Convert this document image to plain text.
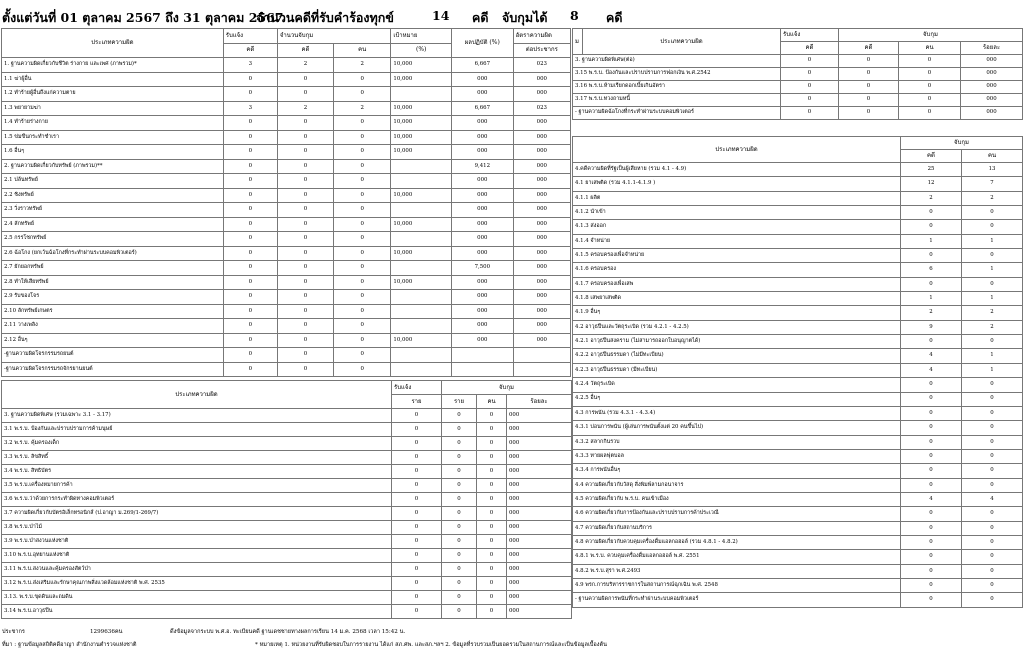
ตั้งแต่วันที่ 01 ตุลาคม 2567 ถึง 31 ตุลาคม 2567
จำนวนคดีที่รับคำร้องทุกข์	14 คดี จับกุมได้ 8 คดี
ประเภทความผิด	รับแจ้ง	จำนวนจับกุม		เป้าหมาย	ผลปฏิบัติ (%)	อัตราความผิด
	คดี	คดี	คน	(%)		ต่อประชากร
1. ฐานความผิดเกี่ยวกับชีวิต ร่างกาย และเพศ (ภาพรวม)*	3	2	2	10,000	6,667	023
1.1 ฆ่าผู้อื่น	0	0	0	10,000	000	000
1.2 ทำร้ายผู้อื่นถึงแก่ความตาย	0	0	0		000	000
1.3 พยายามฆ่า	3	2	2	10,000	6,667	023
1.4 ทำร้ายร่างกาย	0	0	0	10,000	000	000
1.5 ข่มขืนกระทำชำเรา	0	0	0	10,000	000	000
1.6 อื่นๆ	0	0	0	10,000	000	000
2. ฐานความผิดเกี่ยวกับทรัพย์ (ภาพรวม)**	0	0	0		9,412	000
2.1 ปล้นทรัพย์	0	0	0		000	000
2.2 ชิงทรัพย์	0	0	0	10,000	000	000
2.3 วิ่งราวทรัพย์	0	0	0		000	000
2.4 ลักทรัพย์	0	0	0	10,000	000	000
2.5 กรรโชกทรัพย์	0	0	0		000	000
2.6 ฉ้อโกง (ยกเว้นฉ้อโกงที่กระทำผ่านระบบคอมพิวเตอร์)	0	0	0	10,000	000	000
2.7 ยักยอกทรัพย์	0	0	0		7,500	000
2.8 ทำให้เสียทรัพย์	0	0	0	10,000	000	000
2.9 รับของโจร	0	0	0		000	000
2.10 ลักทรัพย์เกษตร	0	0	0		000	000
2.11 วางเพลิง	0	0	0		000	000
2.12 อื่นๆ	0	0	0	10,000	000	000
-ฐานความผิดโจรกรรมรถยนต์	0	0	0			
-ฐานความผิดโจรกรรมรถจักรยานยนต์	0	0	0			
ประเภทความผิด	รับแจ้ง	จับกุม		
	ราย	ราย	คน	ร้อยละ
3. ฐานความผิดพิเศษ (รวมเฉพาะ 3.1 - 3.17)	0	0	0	000
3.1 พ.ร.บ. ป้องกันและปราบปรามการค้ามนุษย์	0	0	0	000
3.2 พ.ร.บ. คุ้มครองเด็ก	0	0	0	000
3.3 พ.ร.บ. ลิขสิทธิ์	0	0	0	000
3.4 พ.ร.บ. สิทธิบัตร	0	0	0	000
3.5 พ.ร.บ.เครื่องหมายการค้า	0	0	0	000
3.6 พ.ร.บ.ว่าด้วยการกระทำผิดทางคอมพิวเตอร์	0	0	0	000
3.7 ความผิดเกี่ยวกับบัตรอิเล็กทรอนิกส์ (ป.อาญา ม.269/1-269/7)	0	0	0	000
3.8 พ.ร.บ.ป่าไม้	0	0	0	000
3.9 พ.ร.บ.ป่าสงวนแห่งชาติ	0	0	0	000
3.10 พ.ร.บ.อุทยานแห่งชาติ	0	0	0	000
3.11 พ.ร.บ.สงวนและคุ้มครองสัตว์ป่า	0	0	0	000
3.12 พ.ร.บ.ส่งเสริมและรักษาคุณภาพสิ่งแวดล้อมแห่งชาติ พ.ศ. 2535	0	0	0	000
3.13. พ.ร.บ.ขุดดินและถมดิน	0	0	0	000
3.14 พ.ร.บ.อาวุธปืน	0	0	0	000
ม	ประเภทความผิด	รับแจ้ง	จับกุม		
		คดี	คดี	คน	ร้อยละ
3. ฐานความผิดพิเศษ(ต่อ)		0	0	0	000
3.15 พ.ร.บ. ป้องกันและปราบปรามการฟอกเงิน พ.ศ.2542		0	0	0	000
3.16 พ.ร.บ.ห้ามเรียกดอกเบี้ยเกินอัตรา		0	0	0	000
3.17 พ.ร.บ.ทวงถามหนี้		0	0	0	000
- ฐานความผิดฉ้อโกงที่กระทำผ่านระบบคอมพิวเตอร์		0	0	0	000
ประเภทความผิด	จับกุม	
	คดี	คน
4.คดีความผิดที่รัฐเป็นผู้เสียหาย (รวม 4.1 - 4.9)	25	13
4.1 ยาเสพติด (รวม 4.1.1-4.1.9 )	12	7
4.1.1 ผลิต	2	2
4.1.2 นำเข้า	0	0
4.1.3 ส่งออก	0	0
4.1.4 จำหน่าย	1	1
4.1.5 ครอบครองเพื่อจำหน่าย	0	0
4.1.6 ครอบครอง	6	1
4.1.7 ครอบครองเพื่อเสพ	0	0
4.1.8 เสพยาเสพติด	1	1
4.1.9 อื่นๆ	2	2
4.2 อาวุธปืนและวัตถุระเบิด (รวม 4.2.1 - 4.2.5)	9	2
4.2.1 อาวุธปืนสงคราม (ไม่สามารถออกใบอนุญาตได้)	0	0
4.2.2 อาวุธปืนธรรมดา (ไม่มีทะเบียน)	4	1
4.2.3 อาวุธปืนธรรมดา (มีทะเบียน)	4	1
4.2.4 วัตถุระเบิด	0	0
4.2.5 อื่นๆ	0	0
4.3 การพนัน (รวม 4.3.1 - 4.3.4)	0	0
4.3.1 บ่อนการพนัน (ผู้เล่นการพนันตั้งแต่ 20 คนขึ้นไป)	0	0
4.3.2 สลากกินรวบ	0	0
4.3.3 ทายผลฟุตบอล	0	0
4.3.4 การพนันอื่นๆ	0	0
4.4 ความผิดเกี่ยวกับวัสดุ สิ่งพิมพ์ลามกอนาจาร	0	0
4.5 ความผิดเกี่ยวกับ พ.ร.บ. คนเข้าเมือง	4	4
4.6 ความผิดเกี่ยวกับการป้องกันและปราบปรามการค้าประเวณี	0	0
4.7 ความผิดเกี่ยวกับสถานบริการ	0	0
4.8 ความผิดเกี่ยวกับควบคุมเครื่องดื่มแอลกอฮอล์ (รวม 4.8.1 - 4.8.2)	0	0
4.8.1 พ.ร.บ. ควบคุมเครื่องดื่มแอลกอฮอล์ พ.ศ. 2551	0	0
4.8.2 พ.ร.บ.สุรา พ.ศ.2493	0	0
4.9 พรก.การบริหารราชการในสถานการณ์ฉุกเฉิน พ.ศ. 2548	0	0
- ฐานความผิดการพนันที่กระทำผ่านระบบคอมพิวเตอร์	0	0
ประชากร	1299636คน	ดึงข้อมูลจากระบบ พ.ศ.อ. ทะเบียนคดี ฐานเดชชายทางผลการเรียน 14 ม.ค. 2568 เวลา 15:42 น.
ที่มา : ฐานข้อมูลสถิติคดีอาญา สำนักงานตำรวจแห่งชาติ	* หมายเหตุ 1. หน่วยงานที่รับผิดชอบในการรายงาน ได้แก่ สภ.ศพ. และสภ.ฯลฯ 2. ข้อมูลที่รวบรวมเป็นยอดรวมในสถานการณ์และเป็นข้อมูลเบื้องต้น
